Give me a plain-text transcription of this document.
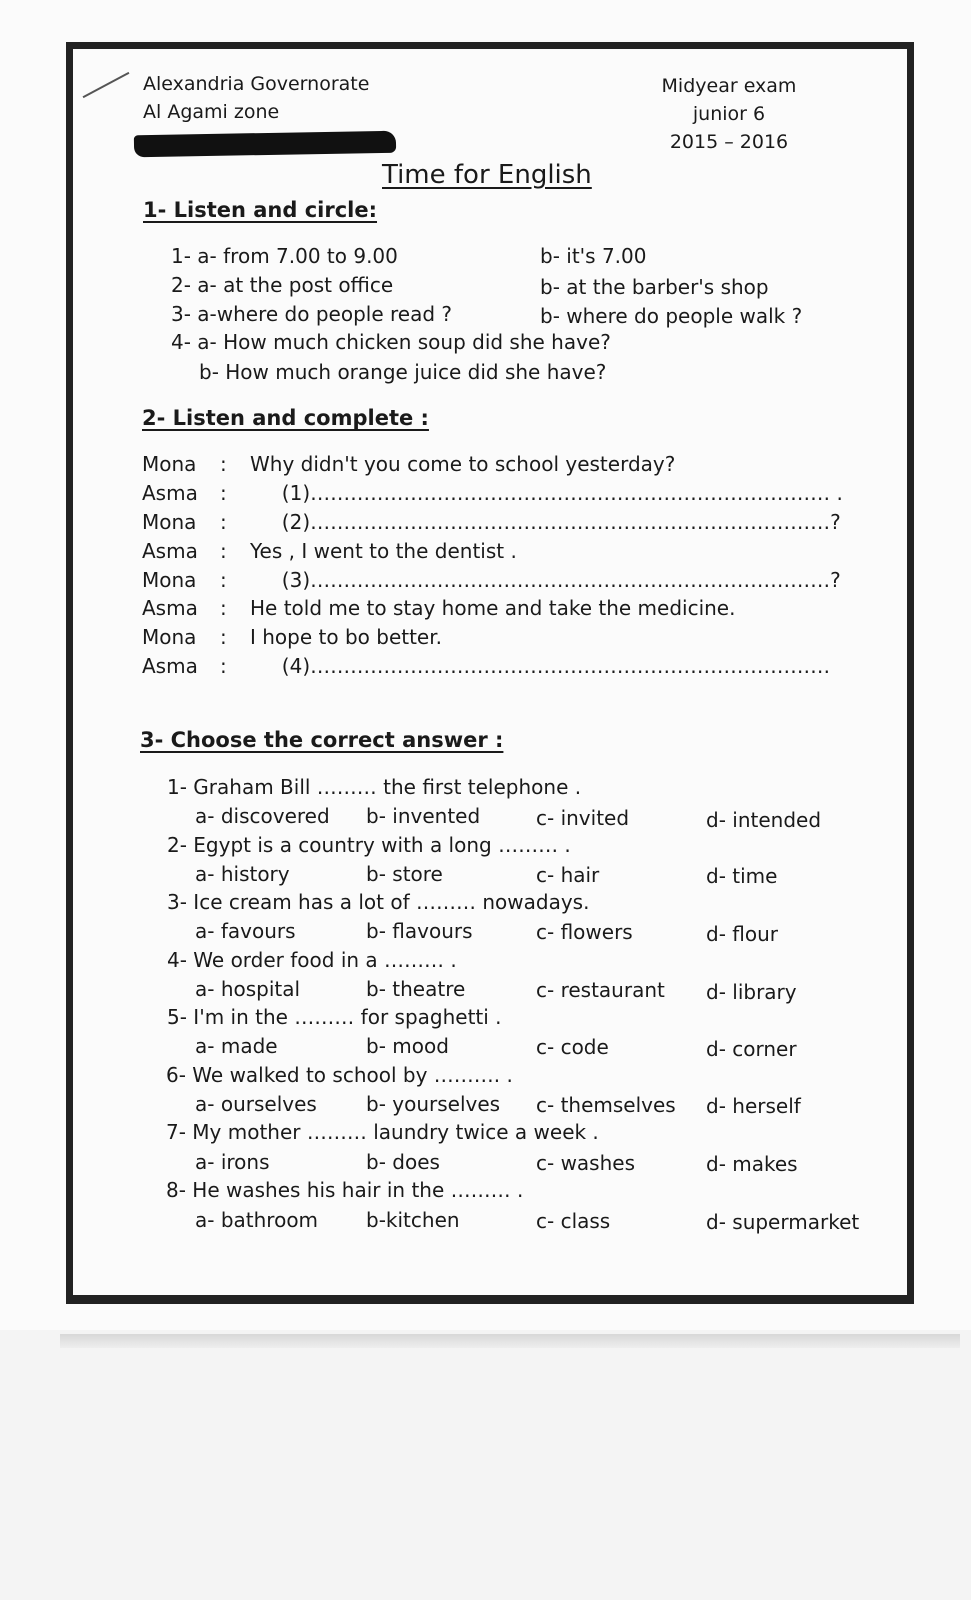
Alexandria Governorate
Al Agami zone
Midyear exam
junior 6
2015 – 2016
Time for English
1- Listen and circle:
1- a- from 7.00 to 9.00	b- it's 7.00
2- a- at the post office	b- at the barber's shop
3- a-where do people read ?	b- where do people walk ?
4- a- How much chicken soup did she have?
b- How much orange juice did she have?
2- Listen and complete :
Mona : Why didn't you come to school yesterday?
Asma : (1)…………………………………………………………………… .
Mona : (2)……………………………………………………………………?
Asma : Yes , I went to the dentist .
Mona : (3)……………………………………………………………………?
Asma : He told me to stay home and take the medicine.
Mona : I hope to bo better.
Asma : (4)……………………………………………………………………
3- Choose the correct answer :
1- Graham Bill ……… the first telephone .
a- discovered b- invented	c- invited	d- intended
2- Egypt is a country with a long ……… .
a- history	b- store	c- hair	d- time
3- Ice cream has a lot of ……… nowadays.
a- favours	b- flavours	c- flowers	d- flour
4- We order food in a ……… .
a- hospital	b- theatre	c- restaurant d- library
5- I'm in the ……… for spaghetti .
a- made	b- mood	c- code	d- corner
6- We walked to school by ………. .
a- ourselves b- yourselves c- themselves d- herself
7- My mother ……… laundry twice a week .
a- irons	b- does	c- washes	d- makes
8- He washes his hair in the ……… .
a- bathroom b-kitchen	c- class	d- supermarket
